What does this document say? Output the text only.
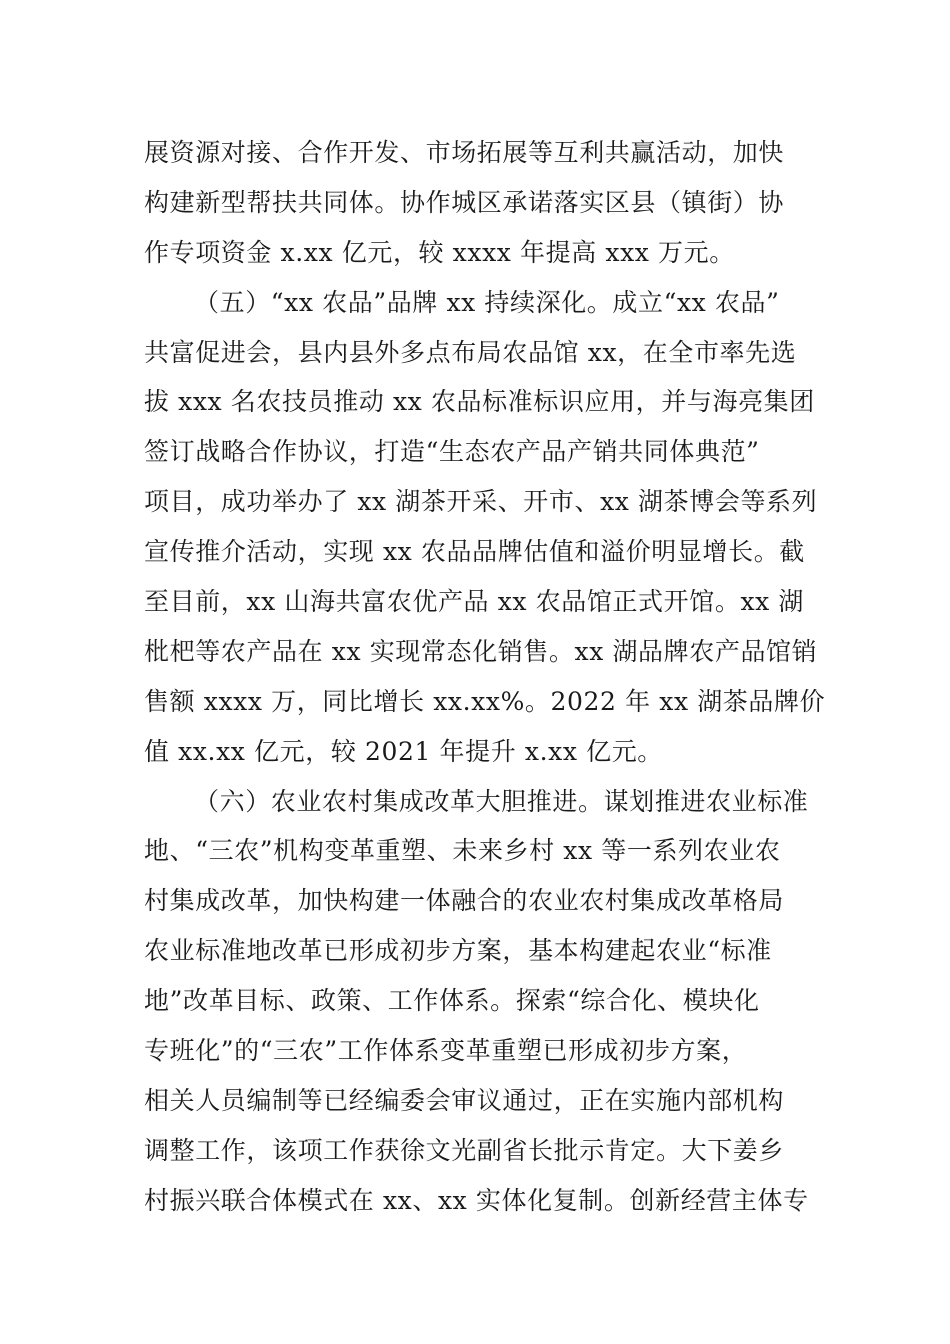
展资源对接、合作开发、市场拓展等互利共赢活动，加快
构建新型帮扶共同体。协作城区承诺落实区县（镇街）协
作专项资金 x.xx 亿元，较 xxxx 年提高 xxx 万元。
（五）“xx 农品”品牌 xx 持续深化。成立“xx 农品”
共富促进会，县内县外多点布局农品馆 xx，在全市率先选
拔 xxx 名农技员推动 xx 农品标准标识应用，并与海亮集团
签订战略合作协议，打造“生态农产品产销共同体典范”
项目，成功举办了 xx 湖茶开采、开市、xx 湖茶博会等系列
宣传推介活动，实现 xx 农品品牌估值和溢价明显增长。截
至目前，xx 山海共富农优产品 xx 农品馆正式开馆。xx 湖
枇杷等农产品在 xx 实现常态化销售。xx 湖品牌农产品馆销
售额 xxxx 万，同比增长 xx.xx%。2022 年 xx 湖茶品牌价
值 xx.xx 亿元，较 2021 年提升 x.xx 亿元。
（六）农业农村集成改革大胆推进。谋划推进农业标准
地、“三农”机构变革重塑、未来乡村 xx 等一系列农业农
村集成改革，加快构建一体融合的农业农村集成改革格局
农业标准地改革已形成初步方案，基本构建起农业“标准
地”改革目标、政策、工作体系。探索“综合化、模块化
专班化”的“三农”工作体系变革重塑已形成初步方案，
相关人员编制等已经编委会审议通过，正在实施内部机构
调整工作，该项工作获徐文光副省长批示肯定。大下姜乡
村振兴联合体模式在 xx、xx 实体化复制。创新经营主体专
